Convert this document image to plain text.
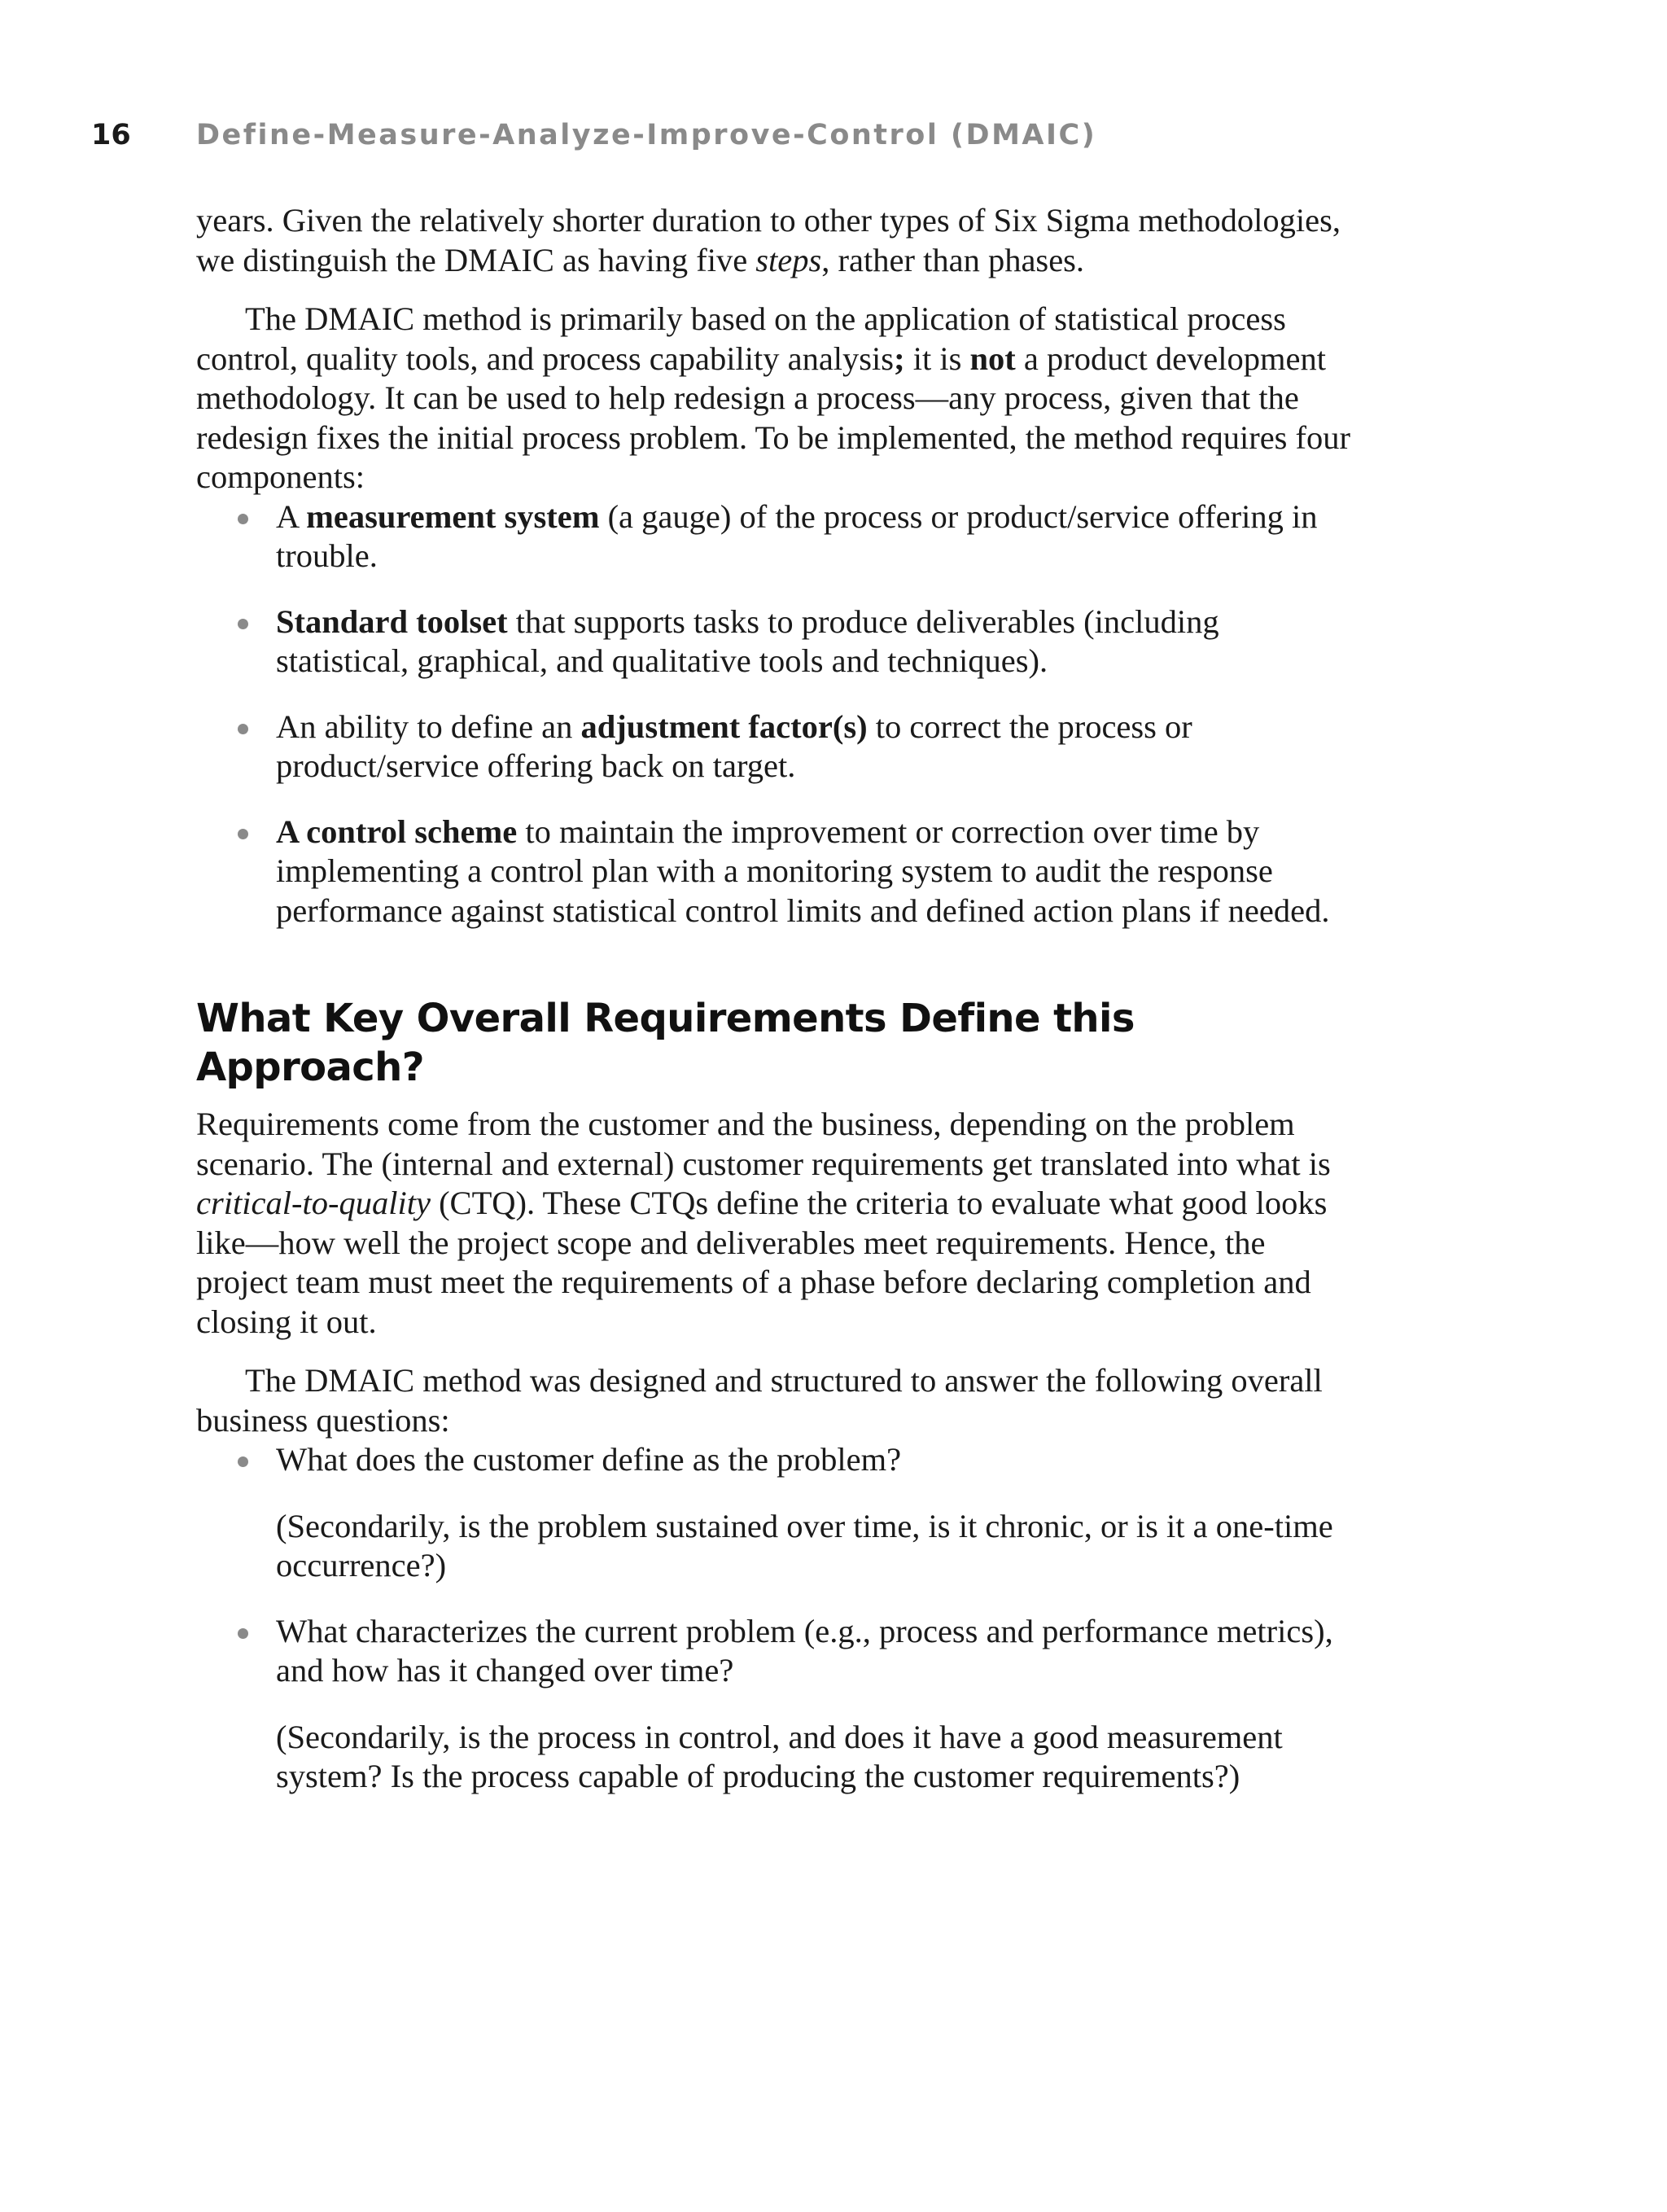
16 Define-Measure-Analyze-Improve-Control (DMAIC)

years. Given the relatively shorter duration to other types of Six Sigma methodologies, we distinguish the DMAIC as having five steps, rather than phases.

The DMAIC method is primarily based on the application of statistical process control, quality tools, and process capability analysis; it is not a product development methodology. It can be used to help redesign a process—any process, given that the redesign fixes the initial process problem. To be implemented, the method requires four components:

A measurement system (a gauge) of the process or product/service offering in trouble.
Standard toolset that supports tasks to produce deliverables (including statistical, graphical, and qualitative tools and techniques).
An ability to define an adjustment factor(s) to correct the process or product/service offering back on target.
A control scheme to maintain the improvement or correction over time by implementing a control plan with a monitoring system to audit the response performance against statistical control limits and defined action plans if needed.
What Key Overall Requirements Define this Approach?

Requirements come from the customer and the business, depending on the problem scenario. The (internal and external) customer requirements get translated into what is critical-to-quality (CTQ). These CTQs define the criteria to evaluate what good looks like—how well the project scope and deliverables meet requirements. Hence, the project team must meet the requirements of a phase before declaring completion and closing it out.

The DMAIC method was designed and structured to answer the following overall business questions:

What does the customer define as the problem?
(Secondarily, is the problem sustained over time, is it chronic, or is it a one-time occurrence?)
What characterizes the current problem (e.g., process and performance metrics), and how has it changed over time?
(Secondarily, is the process in control, and does it have a good measurement system? Is the process capable of producing the customer requirements?)
